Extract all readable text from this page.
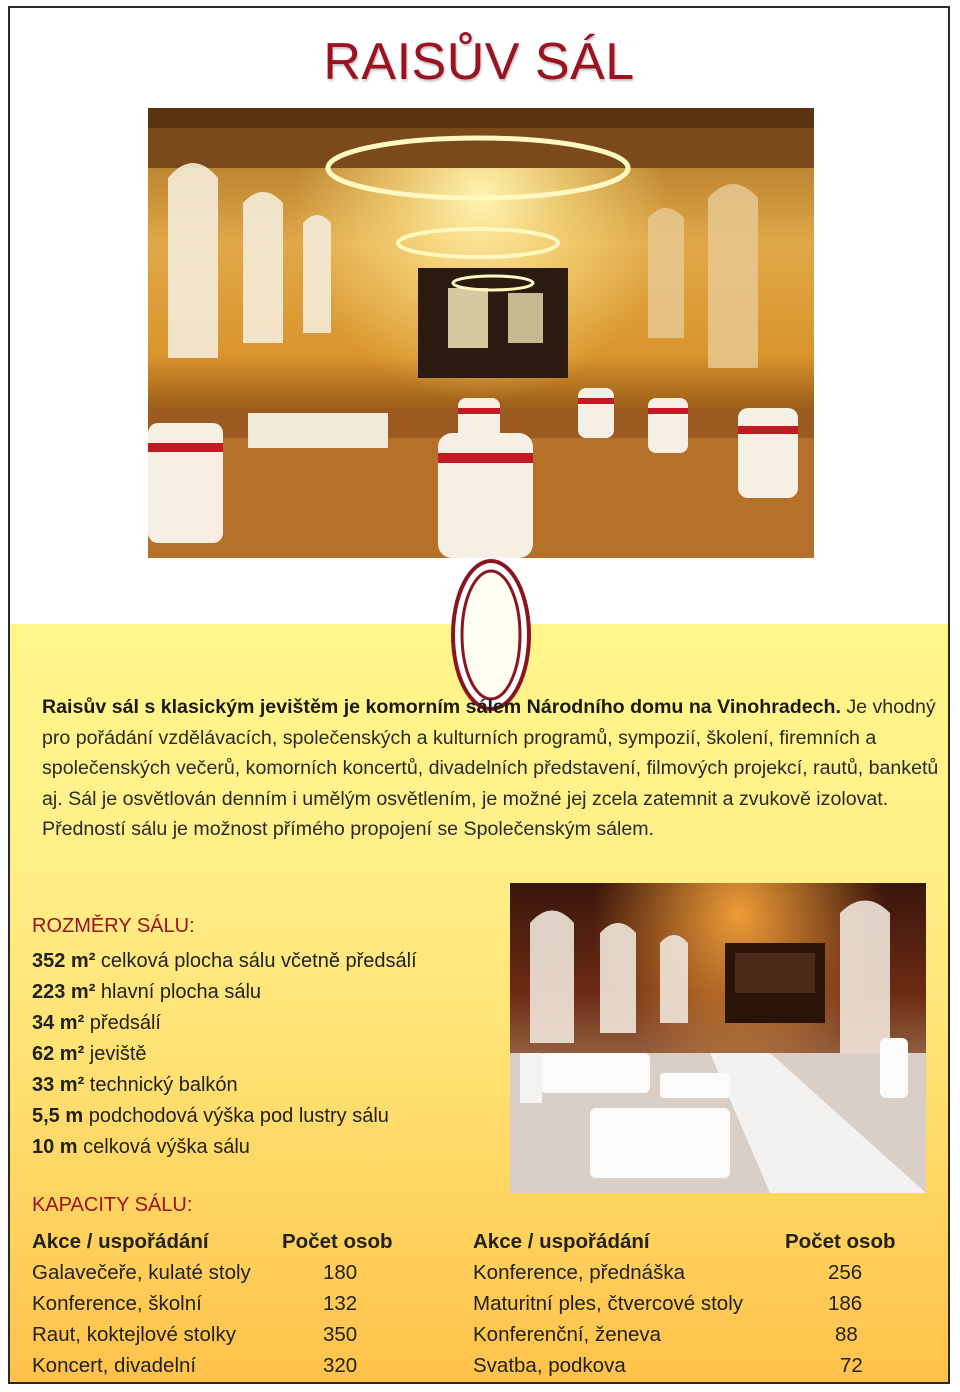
RAISŮV SÁL
Raisův sál s klasickým jevištěm je komorním sálem Národního domu na Vinohradech. Je vhodný pro pořádání vzdělávacích, společenských a kulturních programů, sympozií, školení, firemních a společenských večerů, komorních koncertů, divadelních představení, filmových projekcí, rautů, banketů aj. Sál je osvětlován denním i umělým osvětlením, je možné jej zcela zatemnit a zvukově izolovat. Předností sálu je možnost přímého propojení se Společenským sálem.
ROZMĚRY SÁLU:
352 m² celková plocha sálu včetně předsálí
223 m² hlavní plocha sálu
34 m² předsálí
62 m² jeviště
33 m² technický balkón
5,5 m podchodová výška pod lustry sálu
10 m celková výška sálu
KAPACITY SÁLU:
Akce / uspořádání	Počet osob
Galavečeře, kulaté stoly	180
Konference, školní	132
Raut, koktejlové stolky	350
Koncert, divadelní	320
Akce / uspořádání	Počet osob
Konference, přednáška	256
Maturitní ples, čtvercové stoly	186
Konferenční, ženeva	88
Svatba, podkova	72
